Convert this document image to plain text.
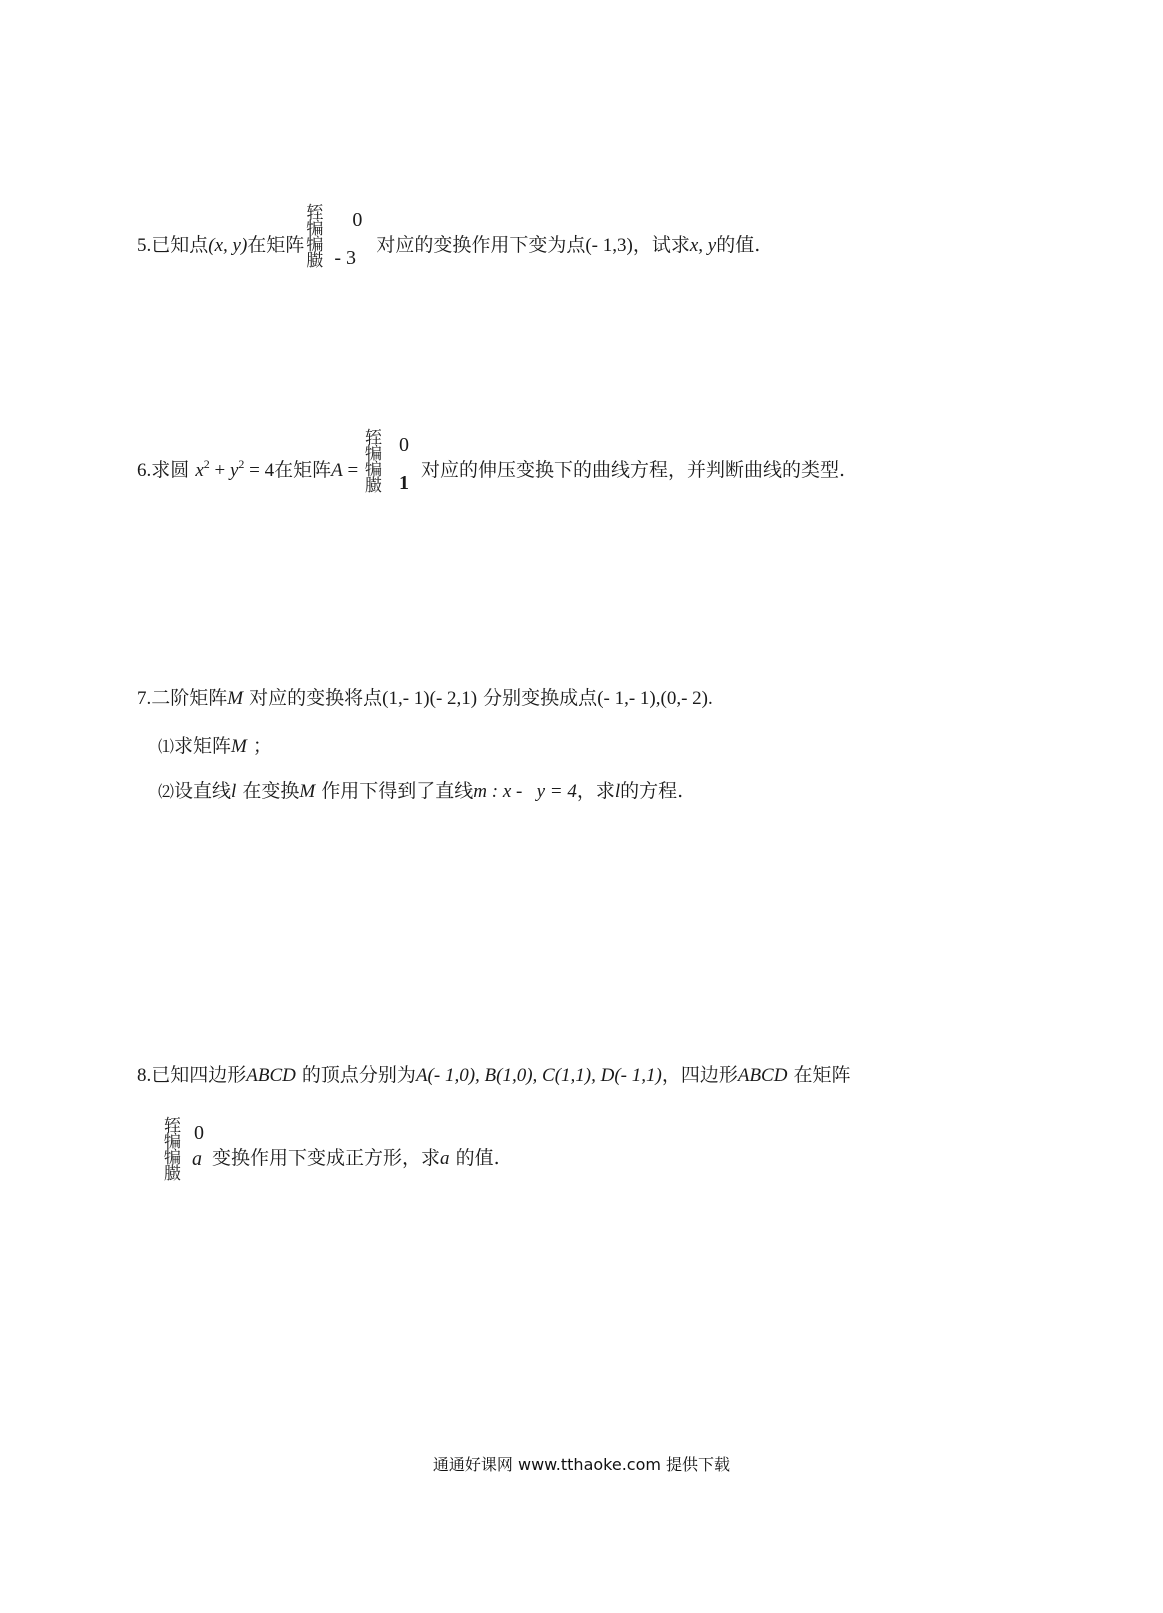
5.已知点(x, y)在矩阵
轾
犏
犏
臌
0
- 3
对应的变换作用下变为点(- 1,3)，试求x, y的值.
6.求圆 $x^2 + y^2 = 4$在矩阵A =
轾
犏
犏
臌
0
1
对应的伸压变换下的曲线方程，并判断曲线的类型.
7.二阶矩阵M 对应的变换将点(1,- 1)(- 2,1) 分别变换成点(- 1,- 1),(0,- 2).
⑴求矩阵M ；
⑵设直线l 在变换M 作用下得到了直线m : x -   y = 4，求l的方程.
8.已知四边形ABCD 的顶点分别为A(- 1,0), B(1,0), C(1,1), D(- 1,1)，四边形ABCD 在矩阵
轾
犏
犏
臌
0
a 变换作用下变成正方形，求a 的值.
通通好课网 www.tthaoke.com 提供下载
